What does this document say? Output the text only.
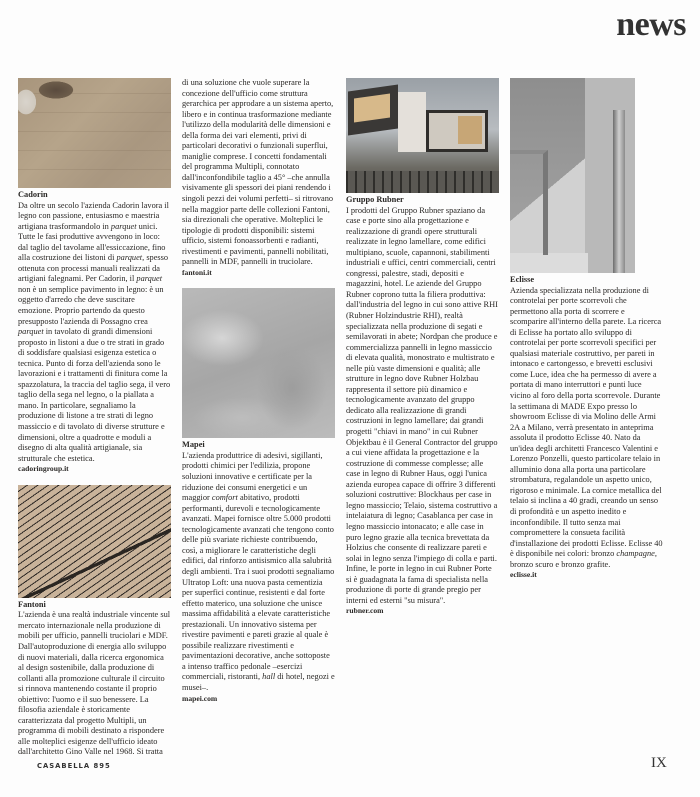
news

Cadorin

Da oltre un secolo l'azienda Cadorin lavora il legno con passione, entusiasmo e maestria artigiana trasformandolo in parquet unici. Tutte le fasi produttive avvengono in loco: dal taglio del tavolame all'essiccazione, fino alla costruzione dei listoni di parquet, spesso ottenuta con processi manuali realizzati da artigiani falegnami. Per Cadorin, il parquet non è un semplice pavimento in legno: è un oggetto d'arredo che deve suscitare emozione. Proprio partendo da questo presupposto l'azienda di Possagno crea parquet in tavolato di grandi dimensioni proposto in listoni a due o tre strati in grado di soddisfare qualsiasi esigenza estetica o tecnica. Punto di forza dell'azienda sono le lavorazioni e i trattamenti di finitura come la spazzolatura, la traccia del taglio sega, il vero taglio della sega nel legno, o la piallata a mano. In particolare, segnaliamo la produzione di listone a tre strati di legno massiccio e di tavolato di diverse strutture e dimensioni, oltre a quadrotte e moduli a disegno di alta qualità artigianale, sia strutturale che estetica.

cadoringroup.it

Fantoni

L'azienda è una realtà industriale vincente sul mercato internazionale nella produzione di mobili per ufficio, pannelli truciolari e MDF. Dall'autoproduzione di energia allo sviluppo di nuovi materiali, dalla ricerca ergonomica al design sostenibile, dalla produzione di collanti alla promozione culturale il circuito si rinnova mantenendo costante il proprio obiettivo: l'uomo e il suo benessere. La filosofia aziendale è storicamente caratterizzata dal progetto Multipli, un programma di mobili destinato a rispondere alle molteplici esigenze dell'ufficio ideato dall'architetto Gino Valle nel 1968. Si tratta di una soluzione che vuole superare la concezione dell'ufficio come struttura gerarchica per approdare a un sistema aperto, libero e in continua trasformazione mediante l'utilizzo della modularità delle dimensioni e della forma dei vari elementi, privi di particolari decorativi o funzionali superflui, maniglie comprese. I concetti fondamentali del programma Multipli, connotato dall'inconfondibile taglio a 45° –che annulla visivamente gli spessori dei piani rendendo i singoli pezzi dei volumi perfetti– si ritrovano nella maggior parte delle collezioni Fantoni, sia direzionali che operative. Molteplici le tipologie di prodotti disponibili: sistemi ufficio, sistemi fonoassorbenti e radianti, rivestimenti e pavimenti, pannelli nobilitati, pannelli in MDF, pannelli in truciolare.

fantoni.it

Mapei

L'azienda produttrice di adesivi, sigillanti, prodotti chimici per l'edilizia, propone soluzioni innovative e certificate per la riduzione dei consumi energetici e un maggior comfort abitativo, prodotti performanti, durevoli e tecnologicamente avanzati. Mapei fornisce oltre 5.000 prodotti tecnologicamente avanzati che tengono conto delle più svariate richieste contribuendo, così, a migliorare le caratteristiche degli edifici, dal rinforzo antisismico alla salubrità degli ambienti. Tra i suoi prodotti segnaliamo Ultratop Loft: una nuova pasta cementizia per superfici continue, resistenti e dal forte effetto materico, una soluzione che unisce massima affidabilità a elevate caratteristiche prestazionali. Un innovativo sistema per rivestire pavimenti e pareti grazie al quale è possibile realizzare rivestimenti e pavimentazioni decorative, anche sottoposte a intenso traffico pedonale –esercizi commerciali, ristoranti, hall di hotel, negozi e musei–.

mapei.com

Gruppo Rubner

I prodotti del Gruppo Rubner spaziano da case e porte sino alla progettazione e realizzazione di grandi opere strutturali realizzate in legno lamellare, come edifici multipiano, scuole, capannoni, stabilimenti industriali e uffici, centri commerciali, centri congressi, palestre, stadi, depositi e magazzini, hotel. Le aziende del Gruppo Rubner coprono tutta la filiera produttiva: dall'industria del legno in cui sono attive RHI (Rubner Holzindustrie RHI), realtà specializzata nella produzione di segati e semilavorati in abete; Nordpan che produce e commercializza pannelli in legno massiccio di elevata qualità, monostrato e multistrato e nelle più vaste dimensioni e qualità; alle strutture in legno dove Rubner Holzbau rappresenta il settore più dinamico e tecnologicamente avanzato del gruppo dedicato alla realizzazione di grandi costruzioni in legno lamellare; dai grandi progetti "chiavi in mano" in cui Rubner Objektbau è il General Contractor del gruppo a cui viene affidata la progettazione e la costruzione di commesse complesse; alle case in legno di Rubner Haus, oggi l'unica azienda europea capace di offrire 3 differenti soluzioni costruttive: Blockhaus per case in legno massiccio; Telaio, sistema costruttivo a intelaiatura di legno; Casablanca per case in legno massiccio intonacato; e alle case in puro legno grazie alla tecnica brevettata da Holzius che consente di realizzare pareti e solai in legno senza l'impiego di colla e parti. Infine, le porte in legno in cui Rubner Porte si è guadagnata la fama di specialista nella produzione di porte di grande pregio per interni ed esterni "su misura".

rubner.com

Eclisse

Azienda specializzata nella produzione di controtelai per porte scorrevoli che permettono alla porta di scorrere e scomparire all'interno della parete. La ricerca di Eclisse ha portato allo sviluppo di controtelai per porte scorrevoli specifici per qualsiasi materiale costruttivo, per pareti in intonaco e cartongesso, e brevetti esclusivi come Luce, idea che ha permesso di avere a portata di mano interruttori e punti luce vicino al foro della porta scorrevole. Durante la settimana di MADE Expo presso lo showroom Eclisse di via Molino delle Armi 2A a Milano, verrà presentato in anteprima assoluta il prodotto Eclisse 40. Nato da un'idea degli architetti Francesco Valentini e Lorenzo Ponzelli, questo particolare telaio in alluminio dona alla porta una particolare strombatura, regalandole un aspetto unico, rigoroso e minimale. La cornice metallica del telaio si inclina a 40 gradi, creando un senso di profondità e un aspetto inedito e inconfondibile. Il tutto senza mai compromettere la consueta facilità d'installazione dei prodotti Eclisse. Eclisse 40 è disponibile nei colori: bronzo champagne, bronzo scuro e bronzo grafite.

eclisse.it

CASABELLA 895	IX
